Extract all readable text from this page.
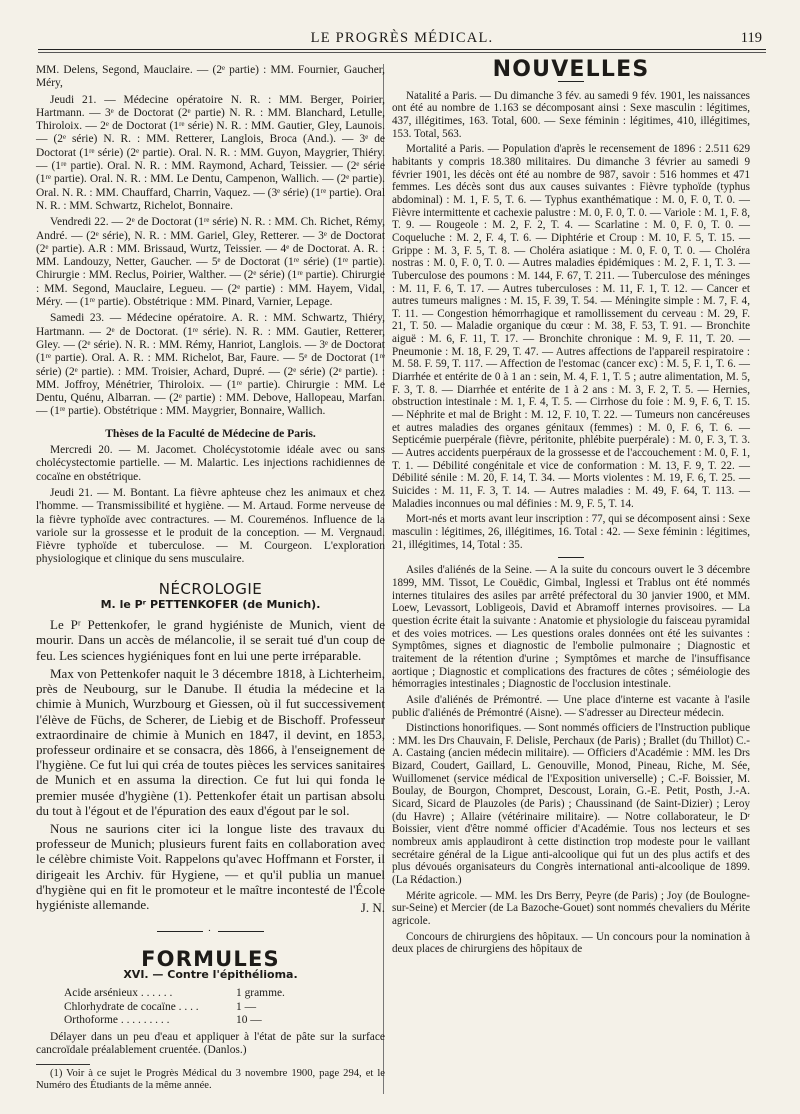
LE PROGRÈS MÉDICAL.	119

MM. Delens, Segond, Mauclaire. — (2ᵉ partie) : MM. Fournier, Gaucher, Méry,

Jeudi 21. — Médecine opératoire N. R. : MM. Berger, Poirier, Hartmann. — 3ᵉ de Doctorat (2ᵉ partie) N. R. : MM. Blanchard, Letulle, Thiroloix. — 2ᵉ de Doctorat (1ʳᵉ série) N. R. : MM. Gautier, Gley, Launois. — (2ᵉ série) N. R. : MM. Retterer, Langlois, Broca (And.). — 3ᵉ de Doctorat (1ʳᵉ série) (2ᵉ partie). Oral. N. R. : MM. Guyon, Maygrier, Thiéry. — (1ʳᵉ partie). Oral. N. R. : MM. Raymond, Achard, Teissier. — (2ᵉ série (1ʳᵉ partie). Oral. N. R. : MM. Le Dentu, Campenon, Wallich. — (2ᵉ partie). Oral. N. R. : MM. Chauffard, Charrin, Vaquez. — (3ᵉ série) (1ʳᵉ partie). Oral N. R. : MM. Schwartz, Richelot, Bonnaire.

Vendredi 22. — 2ᵉ de Doctorat (1ʳᵉ série) N. R. : MM. Ch. Richet, Rémy, André. — (2ᵉ série), N. R. : MM. Gariel, Gley, Retterer. — 3ᵉ de Doctorat (2ᵉ partie). A.R : MM. Brissaud, Wurtz, Teissier. — 4ᵉ de Doctorat. A. R. : MM. Landouzy, Netter, Gaucher. — 5ᵉ de Doctorat (1ʳᵉ série) (1ʳᵉ partie). Chirurgie : MM. Reclus, Poirier, Walther. — (2ᵉ série) (1ʳᵉ partie). Chirurgie : MM. Segond, Mauclaire, Legueu. — (2ᵉ partie) : MM. Hayem, Vidal, Méry. — (1ʳᵉ partie). Obstétrique : MM. Pinard, Varnier, Lepage.

Samedi 23. — Médecine opératoire. A. R. : MM. Schwartz, Thiéry, Hartmann. — 2ᵉ de Doctorat. (1ʳᵉ série). N. R. : MM. Gautier, Retterer, Gley. — (2ᵉ série). N. R. : MM. Rémy, Hanriot, Langlois. — 3ᵉ de Doctorat (1ʳᵉ partie). Oral. A. R. : MM. Richelot, Bar, Faure. — 5ᵉ de Doctorat (1ʳᵉ série) (2ᵉ partie). : MM. Troisier, Achard, Dupré. — (2ᵉ série) (2ᵉ partie). : MM. Joffroy, Ménétrier, Thiroloix. — (1ʳᵉ partie). Chirurgie : MM. Le Dentu, Quénu, Albarran. — (2ᵉ partie) : MM. Debove, Hallopeau, Marfan. — (1ʳᵉ partie). Obstétrique : MM. Maygrier, Bonnaire, Wallich.

Thèses de la Faculté de Médecine de Paris.

Mercredi 20. — M. Jacomet. Cholécystotomie idéale avec ou sans cholécystectomie partielle. — M. Malartic. Les injections rachidiennes de cocaïne en obstétrique.

Jeudi 21. — M. Bontant. La fièvre aphteuse chez les animaux et chez l'homme. — Transmissibilité et hygiène. — M. Artaud. Forme nerveuse de la fièvre typhoïde avec contractures. — M. Coureménos. Influence de la variole sur la grossesse et le produit de la conception. — M. Vergnaud. Fièvre typhoïde et tuberculose. — M. Courgeon. L'exploration physiologique et clinique du sens musculaire.

NÉCROLOGIE
M. le Pʳ PETTENKOFER (de Munich).

Le Pʳ Pettenkofer, le grand hygiéniste de Munich, vient de mourir. Dans un accès de mélancolie, il se serait tué d'un coup de feu. Les sciences hygiéniques font en lui une perte irréparable.

Max von Pettenkofer naquit le 3 décembre 1818, à Lichterheim, près de Neubourg, sur le Danube. Il étudia la médecine et la chimie à Munich, Wurzbourg et Giessen, où il fut successivement l'élève de Füchs, de Scherer, de Liebig et de Bischoff. Professeur extraordinaire de chimie à Munich en 1847, il devint, en 1853, professeur ordinaire et se consacra, dès 1866, à l'enseignement de l'hygiène. Ce fut lui qui créa de toutes pièces les services sanitaires de Munich et en assuma la direction. Ce fut lui qui fonda le premier musée d'hygiène (1). Pettenkofer était un partisan absolu du tout à l'égout et de l'épuration des eaux d'égout par le sol.

Nous ne saurions citer ici la longue liste des travaux du professeur de Munich; plusieurs furent faits en collaboration avec le célèbre chimiste Voit. Rappelons qu'avec Hoffmann et Forster, il dirigeait les Archiv. für Hygiene, — et qu'il publia un manuel d'hygiène qui en fit le promoteur et le maître incontesté de l'École hygiéniste allemande.	J. N.
·
FORMULES
XVI. — Contre l'épithélioma.
Acide arsénieux . . . . . .	1 gramme.
Chlorhydrate de cocaïne . . . .	1 —
Orthoforme . . . . . . . . .	10 —

Délayer dans un peu d'eau et appliquer à l'état de pâte sur la surface cancroïdale préalablement cruentée. (Danlos.)

(1) Voir à ce sujet le Progrès Médical du 3 novembre 1900, page 294, et le Numéro des Étudiants de la même année.

NOUVELLES

Natalité a Paris. — Du dimanche 3 fév. au samedi 9 fév. 1901, les naissances ont été au nombre de 1.163 se décomposant ainsi : Sexe masculin : légitimes, 437, illégitimes, 163. Total, 600. — Sexe féminin : légitimes, 410, illégitimes, 153. Total, 563.

Mortalité a Paris. — Population d'après le recensement de 1896 : 2.511 629 habitants y compris 18.380 militaires. Du dimanche 3 février au samedi 9 février 1901, les décès ont été au nombre de 987, savoir : 516 hommes et 471 femmes. Les décès sont dus aux causes suivantes : Fièvre typhoïde (typhus abdominal) : M. 1, F. 5, T. 6. — Typhus exanthématique : M. 0, F. 0, T. 0. — Fièvre intermittente et cachexie palustre : M. 0, F. 0, T. 0. — Variole : M. 1, F. 8, T. 9. — Rougeole : M. 2, F. 2, T. 4. — Scarlatine : M. 0, F. 0, T. 0. — Coqueluche : M. 2, F. 4, T. 6. — Diphtérie et Croup : M. 10, F. 5, T. 15. — Grippe : M. 3, F. 5, T. 8. — Choléra asiatique : M. 0, F. 0, T. 0. — Choléra nostras : M. 0, F. 0, T. 0. — Autres maladies épidémiques : M. 2, F. 1, T. 3. — Tuberculose des poumons : M. 144, F. 67, T. 211. — Tuberculose des méninges : M. 11, F. 6, T. 17. — Autres tuberculoses : M. 11, F. 1, T. 12. — Cancer et autres tumeurs malignes : M. 15, F. 39, T. 54. — Méningite simple : M. 7, F. 4, T. 11. — Congestion hémorrhagique et ramollissement du cerveau : M. 29, F. 21, T. 50. — Maladie organique du cœur : M. 38, F. 53, T. 91. — Bronchite aiguë : M. 6, F. 11, T. 17. — Bronchite chronique : M. 9, F. 11, T. 20. — Pneumonie : M. 18, F. 29, T. 47. — Autres affections de l'appareil respiratoire : M. 58. F. 59, T. 117. — Affection de l'estomac (cancer exc) : M. 5, F. 1, T. 6. — Diarrhée et entérite de 0 à 1 an : sein, M. 4, F. 1, T. 5 ; autre alimentation, M. 5, F. 3, T. 8. — Diarrhée et entérite de 1 à 2 ans : M. 3, F. 2, T. 5. — Hernies, obstruction intestinale : M. 1, F. 4, T. 5. — Cirrhose du foie : M. 9, F. 6, T. 15. — Néphrite et mal de Bright : M. 12, F. 10, T. 22. — Tumeurs non cancéreuses et autres maladies des organes génitaux (femmes) : M. 0, F. 6, T. 6. — Septicémie puerpérale (fièvre, péritonite, phlébite puerpérale) : M. 0, F. 3, T. 3. — Autres accidents puerpéraux de la grossesse et de l'accouchement : M. 0, F. 1, T. 1. — Débilité congénitale et vice de conformation : M. 13, F. 9, T. 22. — Débilité sénile : M. 20, F. 14, T. 34. — Morts violentes : M. 19, F. 6, T. 25. — Suicides : M. 11, F. 3, T. 14. — Autres maladies : M. 49, F. 64, T. 113. — Maladies inconnues ou mal définies : M. 9, F. 5, T. 14.

Mort-nés et morts avant leur inscription : 77, qui se décomposent ainsi : Sexe masculin : légitimes, 26, illégitimes, 16. Total : 42. — Sexe féminin : légitimes, 21, illégitimes, 14, Total : 35.

Asiles d'aliénés de la Seine. — A la suite du concours ouvert le 3 décembre 1899, MM. Tissot, Le Couëdic, Gimbal, Inglessi et Trablus ont été nommés internes titulaires des asiles par arrêté préfectoral du 30 janvier 1900, et MM. Loew, Levassort, Lobligeois, David et Abramoff internes provisoires. — La question écrite était la suivante : Anatomie et physiologie du faisceau pyramidal et des voies motrices. — Les questions orales données ont été les suivantes : Symptômes, signes et diagnostic de l'embolie pulmonaire ; Diagnostic et traitement de la rétention d'urine ; Symptômes et marche de l'insuffisance aortique ; Diagnostic et complications des fractures de côtes ; séméiologie des hémorragies intestinales ; Diagnostic de l'occlusion intestinale.

Asile d'aliénés de Prémontré. — Une place d'interne est vacante à l'asile public d'aliénés de Prémontré (Aisne). — S'adresser au Directeur médecin.

Distinctions honorifiques. — Sont nommés officiers de l'Instruction publique : MM. les Drs Chauvain, F. Delisle, Perchaux (de Paris) ; Brallet (du Thillot) C.-A. Castaing (ancien médecin militaire). — Officiers d'Académie : MM. les Drs Bizard, Coudert, Gaillard, L. Genouville, Monod, Pineau, Riche, M. Sée, Wuillomenet (service médical de l'Exposition universelle) ; C.-F. Boissier, M. Boulay, de Bourgon, Chompret, Descoust, Lorain, G.-E. Petit, Posth, J.-A. Sicard, Sicard de Plauzoles (de Paris) ; Chaussinand (de Saint-Dizier) ; Leroy (du Havre) ; Allaire (vétérinaire militaire). — Notre collaborateur, le Dʳ Boissier, vient d'être nommé officier d'Académie. Tous nos lecteurs et ses nombreux amis applaudiront à cette distinction trop modeste pour le vaillant secrétaire général de la Ligue anti-alcoolique qui fut un des plus actifs et des plus dévoués organisateurs du Congrès international anti-alcoolique de 1899. (La Rédaction.)

Mérite agricole. — MM. les Drs Berry, Peyre (de Paris) ; Joy (de Boulogne-sur-Seine) et Mercier (de La Bazoche-Gouet) sont nommés chevaliers du Mérite agricole.

Concours de chirurgiens des hôpitaux. — Un concours pour la nomination à deux places de chirurgiens des hôpitaux de
